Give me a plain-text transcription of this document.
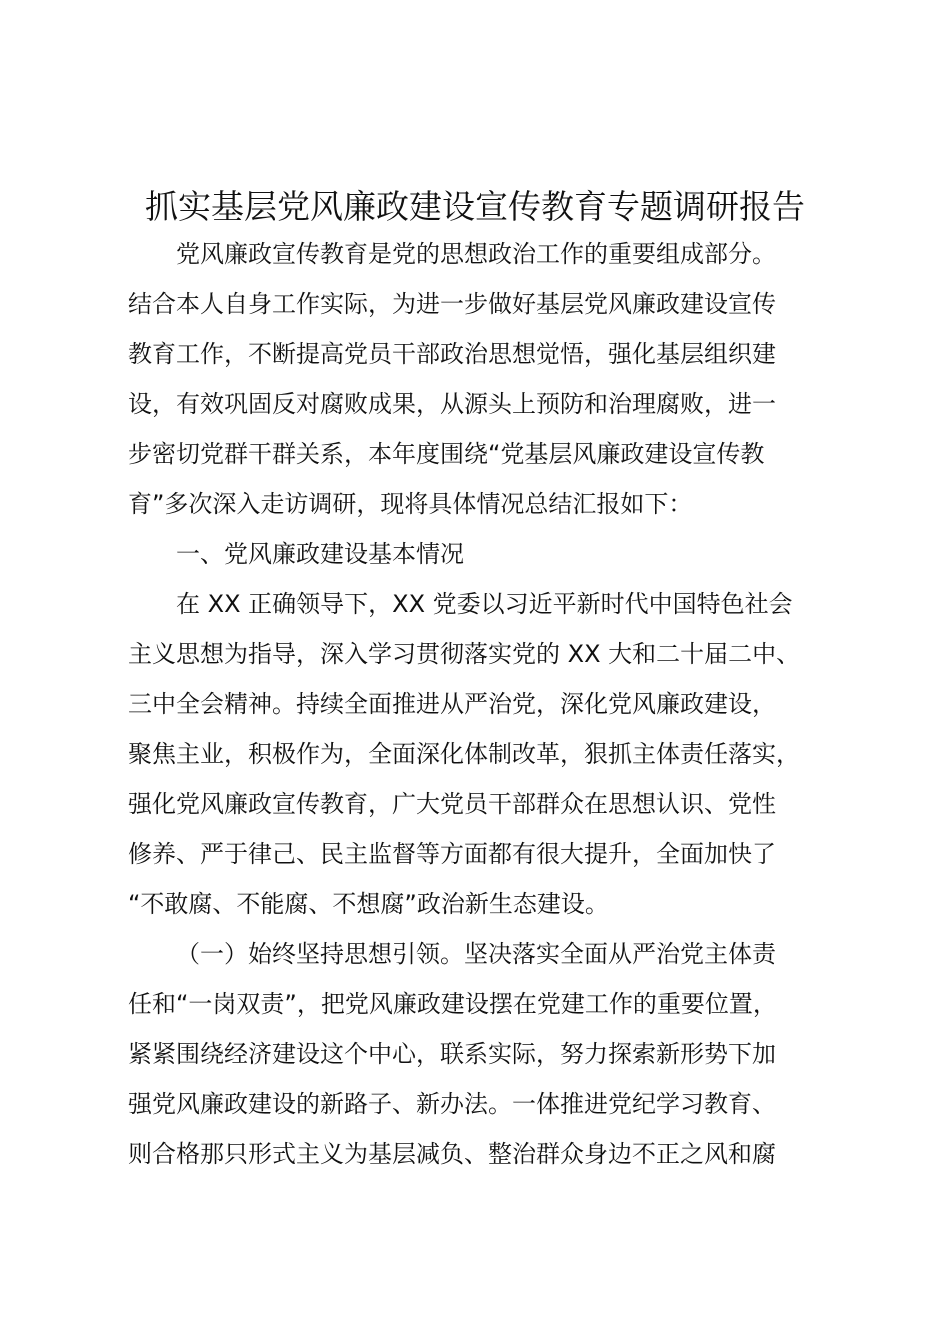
抓实基层党风廉政建设宣传教育专题调研报告

党风廉政宣传教育是党的思想政治工作的重要组成部分。

结合本人自身工作实际，为进一步做好基层党风廉政建设宣传

教育工作，不断提高党员干部政治思想觉悟，强化基层组织建

设，有效巩固反对腐败成果，从源头上预防和治理腐败，进一

步密切党群干群关系，本年度围绕“党基层风廉政建设宣传教

育”多次深入走访调研，现将具体情况总结汇报如下：

一、党风廉政建设基本情况

在 XX 正确领导下，XX 党委以习近平新时代中国特色社会

主义思想为指导，深入学习贯彻落实党的 XX 大和二十届二中、

三中全会精神。持续全面推进从严治党，深化党风廉政建设，

聚焦主业，积极作为，全面深化体制改革，狠抓主体责任落实，

强化党风廉政宣传教育，广大党员干部群众在思想认识、党性

修养、严于律己、民主监督等方面都有很大提升，全面加快了

“不敢腐、不能腐、不想腐”政治新生态建设。

（一）始终坚持思想引领。坚决落实全面从严治党主体责

任和“一岗双责”，把党风廉政建设摆在党建工作的重要位置，

紧紧围绕经济建设这个中心，联系实际，努力探索新形势下加

强党风廉政建设的新路子、新办法。一体推进党纪学习教育、

则合格那只形式主义为基层减负、整治群众身边不正之风和腐
